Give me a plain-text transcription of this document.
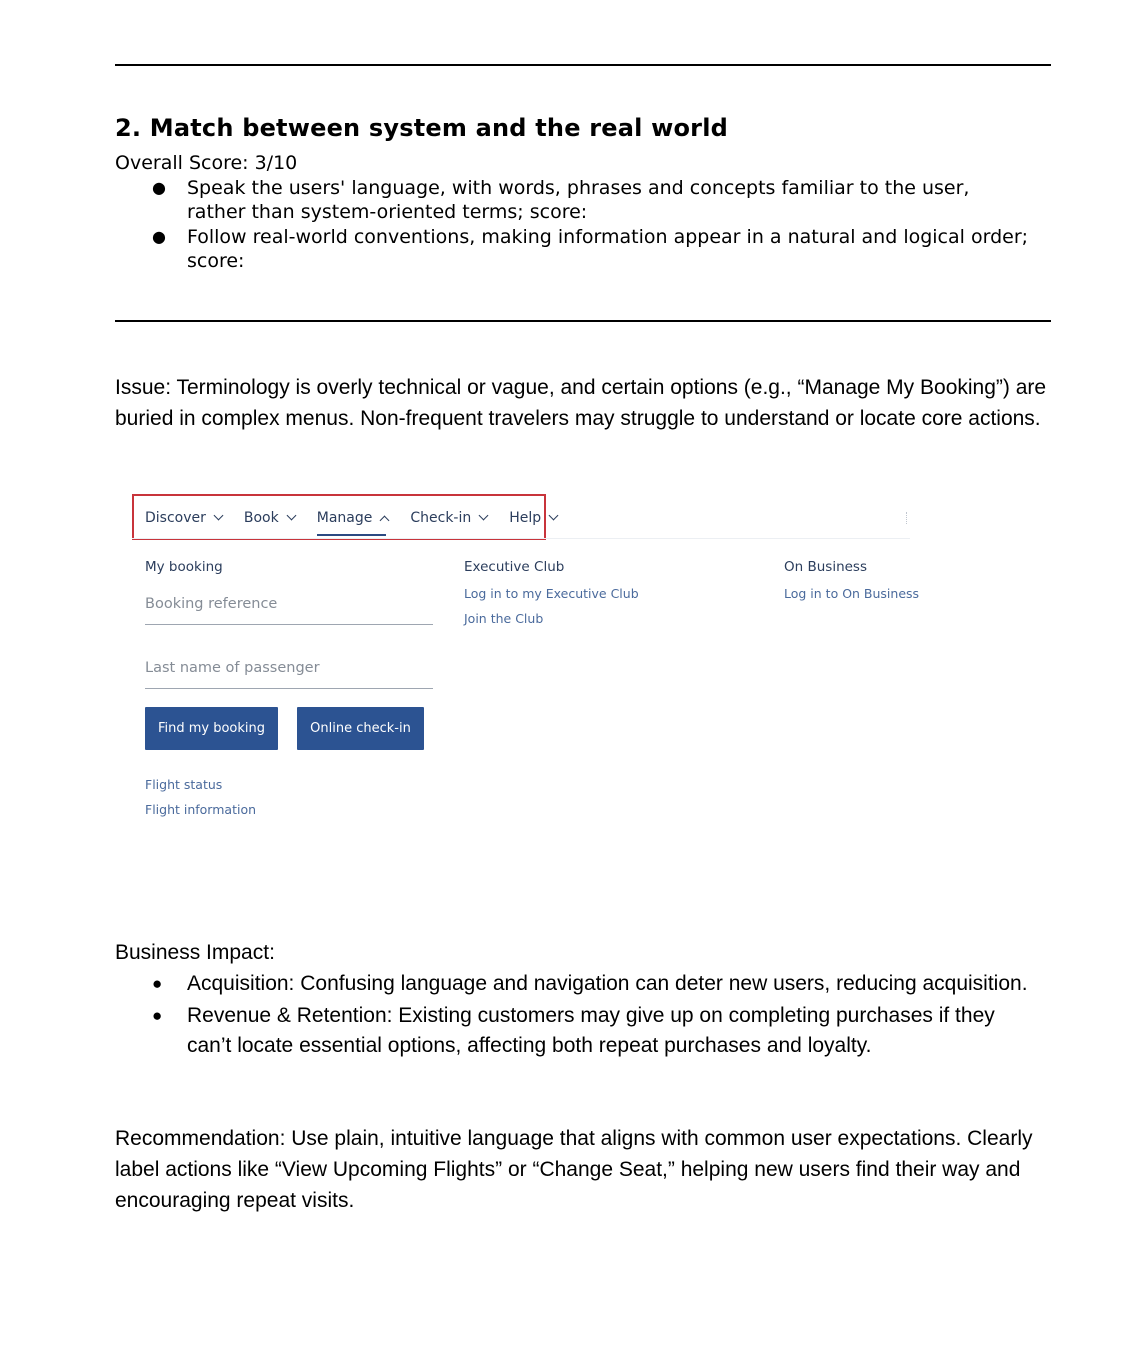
2. Match between system and the real world
Overall Score: 3/10
● Speak the users' language, with words, phrases and concepts familiar to the user, rather than system-oriented terms; score:
● Follow real-world conventions, making information appear in a natural and logical order; score:

Issue: Terminology is overly technical or vague, and certain options (e.g., “Manage My Booking”) are buried in complex menus. Non-frequent travelers may struggle to understand or locate core actions.

Discover	Book	Manage	Check-in	Help
My booking
Booking reference
Last name of passenger
Find my booking	Online check-in
Flight status
Flight information
Executive Club
Log in to my Executive Club
Join the Club
On Business
Log in to On Business

Business Impact:

● Acquisition: Confusing language and navigation can deter new users, reducing acquisition.
● Revenue & Retention: Existing customers may give up on completing purchases if they can’t locate essential options, affecting both repeat purchases and loyalty.

Recommendation: Use plain, intuitive language that aligns with common user expectations. Clearly label actions like “View Upcoming Flights” or “Change Seat,” helping new users find their way and encouraging repeat visits.
